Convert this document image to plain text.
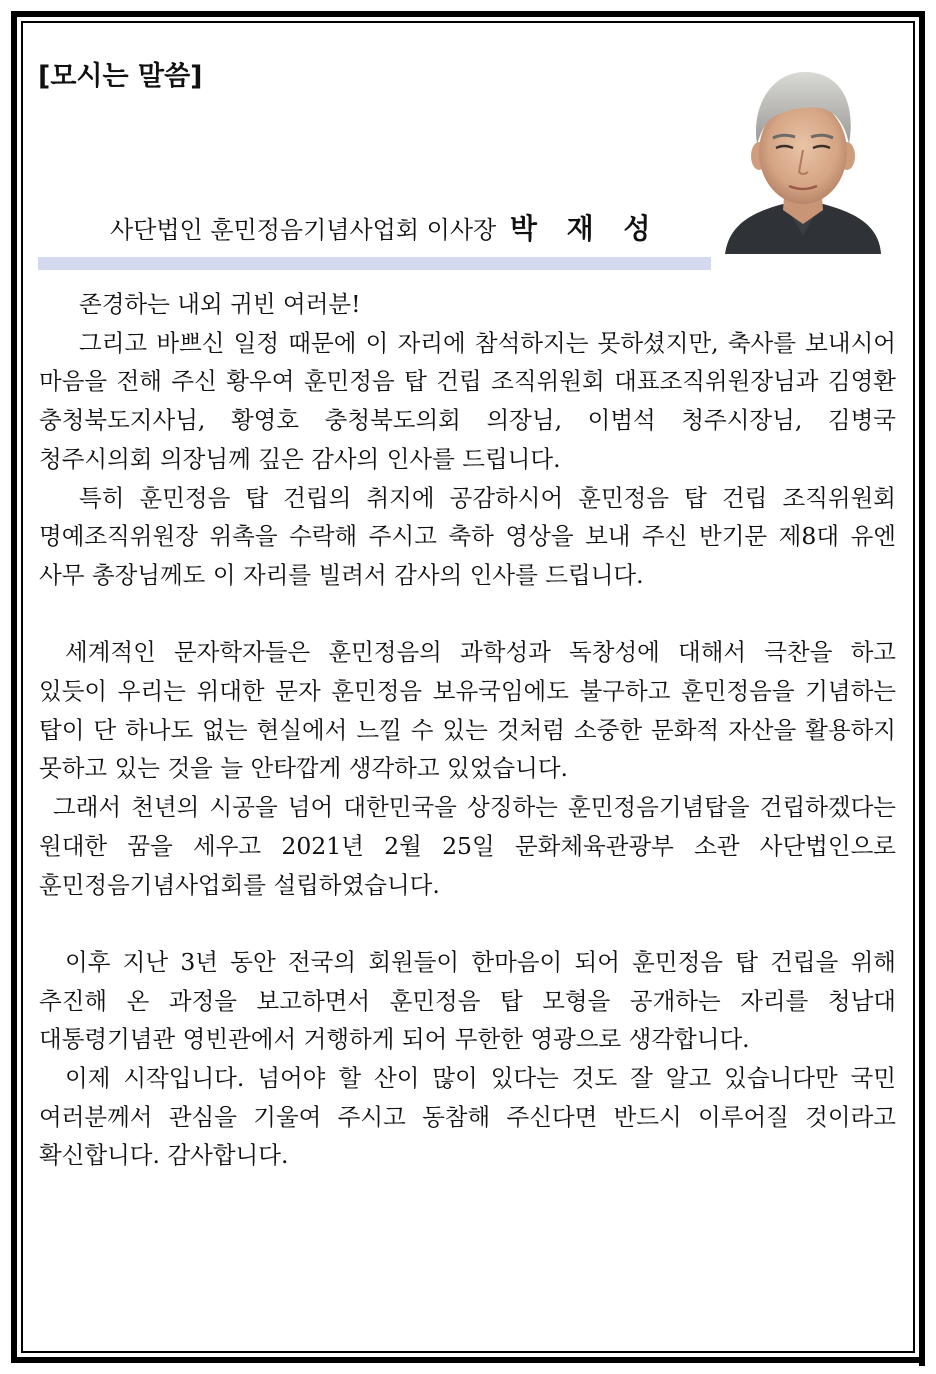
[모시는 말씀]
사단법인 훈민정음기념사업회 이사장 박 재 성

존경하는 내외 귀빈 여러분!

그리고 바쁘신 일정 때문에 이 자리에 참석하지는 못하셨지만, 축사를 보내시어 마음을 전해 주신 황우여 훈민정음 탑 건립 조직위원회 대표조직위원장님과 김영환 충청북도지사님, 황영호 충청북도의회 의장님, 이범석 청주시장님, 김병국 청주시의회 의장님께 깊은 감사의 인사를 드립니다.

특히 훈민정음 탑 건립의 취지에 공감하시어 훈민정음 탑 건립 조직위원회 명예조직위원장 위촉을 수락해 주시고 축하 영상을 보내 주신 반기문 제8대 유엔 사무 총장님께도 이 자리를 빌려서 감사의 인사를 드립니다.

세계적인 문자학자들은 훈민정음의 과학성과 독창성에 대해서 극찬을 하고 있듯이 우리는 위대한 문자 훈민정음 보유국임에도 불구하고 훈민정음을 기념하는 탑이 단 하나도 없는 현실에서 느낄 수 있는 것처럼 소중한 문화적 자산을 활용하지 못하고 있는 것을 늘 안타깝게 생각하고 있었습니다.

그래서 천년의 시공을 넘어 대한민국을 상징하는 훈민정음기념탑을 건립하겠다는 원대한 꿈을 세우고 2021년 2월 25일 문화체육관광부 소관 사단법인으로 훈민정음기념사업회를 설립하였습니다.

이후 지난 3년 동안 전국의 회원들이 한마음이 되어 훈민정음 탑 건립을 위해 추진해 온 과정을 보고하면서 훈민정음 탑 모형을 공개하는 자리를 청남대 대통령기념관 영빈관에서 거행하게 되어 무한한 영광으로 생각합니다.

이제 시작입니다. 넘어야 할 산이 많이 있다는 것도 잘 알고 있습니다만 국민 여러분께서 관심을 기울여 주시고 동참해 주신다면 반드시 이루어질 것이라고 확신합니다. 감사합니다.
